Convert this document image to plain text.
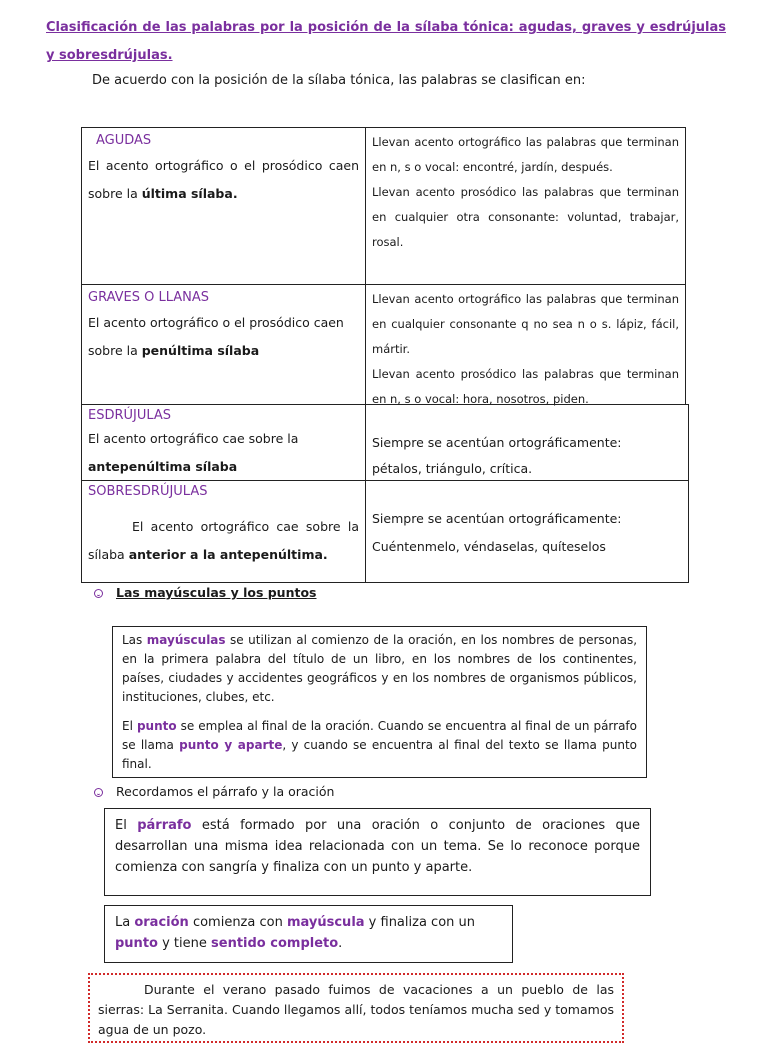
Clasificación de las palabras por la posición de la sílaba tónica: agudas, graves y esdrújulas y sobresdrújulas.
De acuerdo con la posición de la sílaba tónica, las palabras se clasifican en:

AGUDAS

El acento ortográfico o el prosódico caen sobre la última sílaba.

Llevan acento ortográfico las palabras que terminan en n, s o vocal: encontré, jardín, después.

Llevan acento prosódico las palabras que terminan en cualquier otra consonante: voluntad, trabajar, rosal.

GRAVES O LLANAS

El acento ortográfico o el prosódico caen sobre la penúltima sílaba

Llevan acento ortográfico las palabras que terminan en cualquier consonante q no sea n o s. lápiz, fácil, mártir.

Llevan acento prosódico las palabras que terminan en n, s o vocal: hora, nosotros, piden.

ESDRÚJULAS

El acento ortográfico cae sobre la antepenúltima sílaba

Siempre se acentúan ortográficamente:

pétalos, triángulo, crítica.

SOBRESDRÚJULAS

El acento ortográfico cae sobre la sílaba anterior a la antepenúltima.

Siempre se acentúan ortográficamente:

Cuéntenmelo, véndaselas, quíteselos

Las mayúsculas y los puntos

Las mayúsculas se utilizan al comienzo de la oración, en los nombres de personas, en la primera palabra del título de un libro, en los nombres de los continentes, países, ciudades y accidentes geográficos y en los nombres de organismos públicos, instituciones, clubes, etc.

El punto se emplea al final de la oración. Cuando se encuentra al final de un párrafo se llama punto y aparte, y cuando se encuentra al final del texto se llama punto final.

Recordamos el párrafo y la oración

El párrafo está formado por una oración o conjunto de oraciones que desarrollan una misma idea relacionada con un tema. Se lo reconoce porque comienza con sangría y finaliza con un punto y aparte.

La oración comienza con mayúscula y finaliza con un punto y tiene sentido completo.

Durante el verano pasado fuimos de vacaciones a un pueblo de las sierras: La Serranita. Cuando llegamos allí, todos teníamos mucha sed y tomamos agua de un pozo.
